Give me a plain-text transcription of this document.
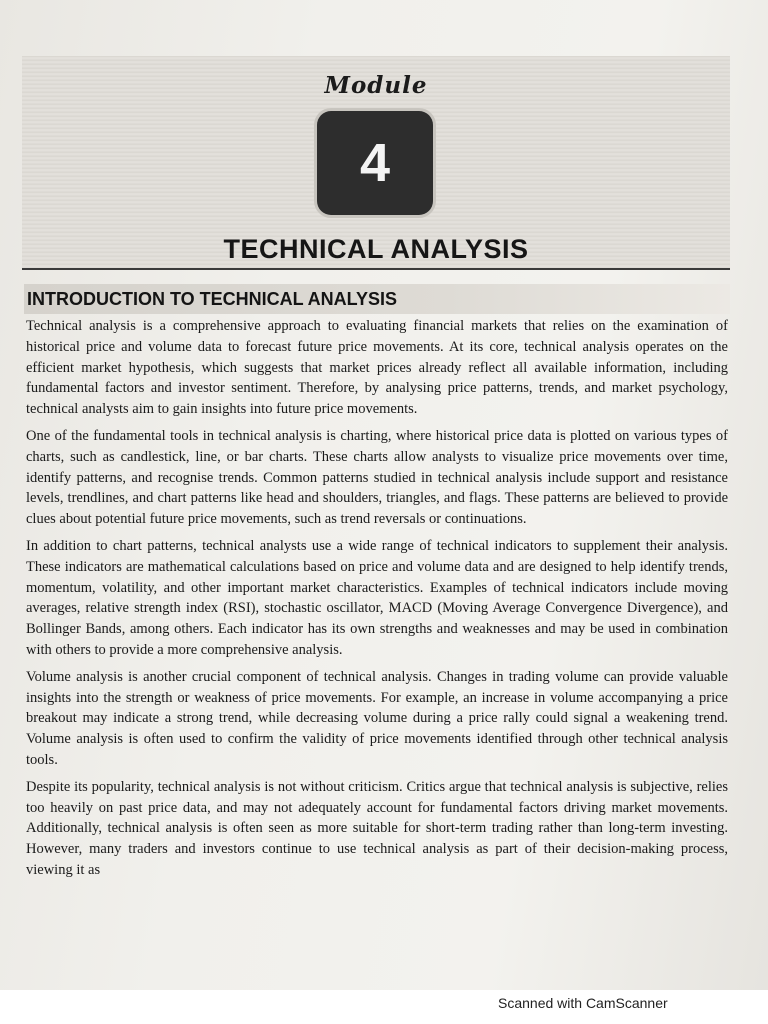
Module
4
TECHNICAL ANALYSIS
INTRODUCTION TO TECHNICAL ANALYSIS

Technical analysis is a comprehensive approach to evaluating financial markets that relies on the examination of historical price and volume data to forecast future price movements. At its core, technical analysis operates on the efficient market hypothesis, which suggests that market prices already reflect all available information, including fundamental factors and investor sentiment. Therefore, by analysing price patterns, trends, and market psychology, technical analysts aim to gain insights into future price movements.

One of the fundamental tools in technical analysis is charting, where historical price data is plotted on various types of charts, such as candlestick, line, or bar charts. These charts allow analysts to visualize price movements over time, identify patterns, and recognise trends. Common patterns studied in technical analysis include support and resistance levels, trendlines, and chart patterns like head and shoulders, triangles, and flags. These patterns are believed to provide clues about potential future price movements, such as trend reversals or continuations.

In addition to chart patterns, technical analysts use a wide range of technical indicators to supplement their analysis. These indicators are mathematical calculations based on price and volume data and are designed to help identify trends, momentum, volatility, and other important market characteristics. Examples of technical indicators include moving averages, relative strength index (RSI), stochastic oscillator, MACD (Moving Average Convergence Divergence), and Bollinger Bands, among others. Each indicator has its own strengths and weaknesses and may be used in combination with others to provide a more comprehensive analysis.

Volume analysis is another crucial component of technical analysis. Changes in trading volume can provide valuable insights into the strength or weakness of price movements. For example, an increase in volume accompanying a price breakout may indicate a strong trend, while decreasing volume during a price rally could signal a weakening trend. Volume analysis is often used to confirm the validity of price movements identified through other technical analysis tools.

Despite its popularity, technical analysis is not without criticism. Critics argue that technical analysis is subjective, relies too heavily on past price data, and may not adequately account for fundamental factors driving market movements. Additionally, technical analysis is often seen as more suitable for short-term trading rather than long-term investing. However, many traders and investors continue to use technical analysis as part of their decision-making process, viewing it as

Scanned with CamScanner
